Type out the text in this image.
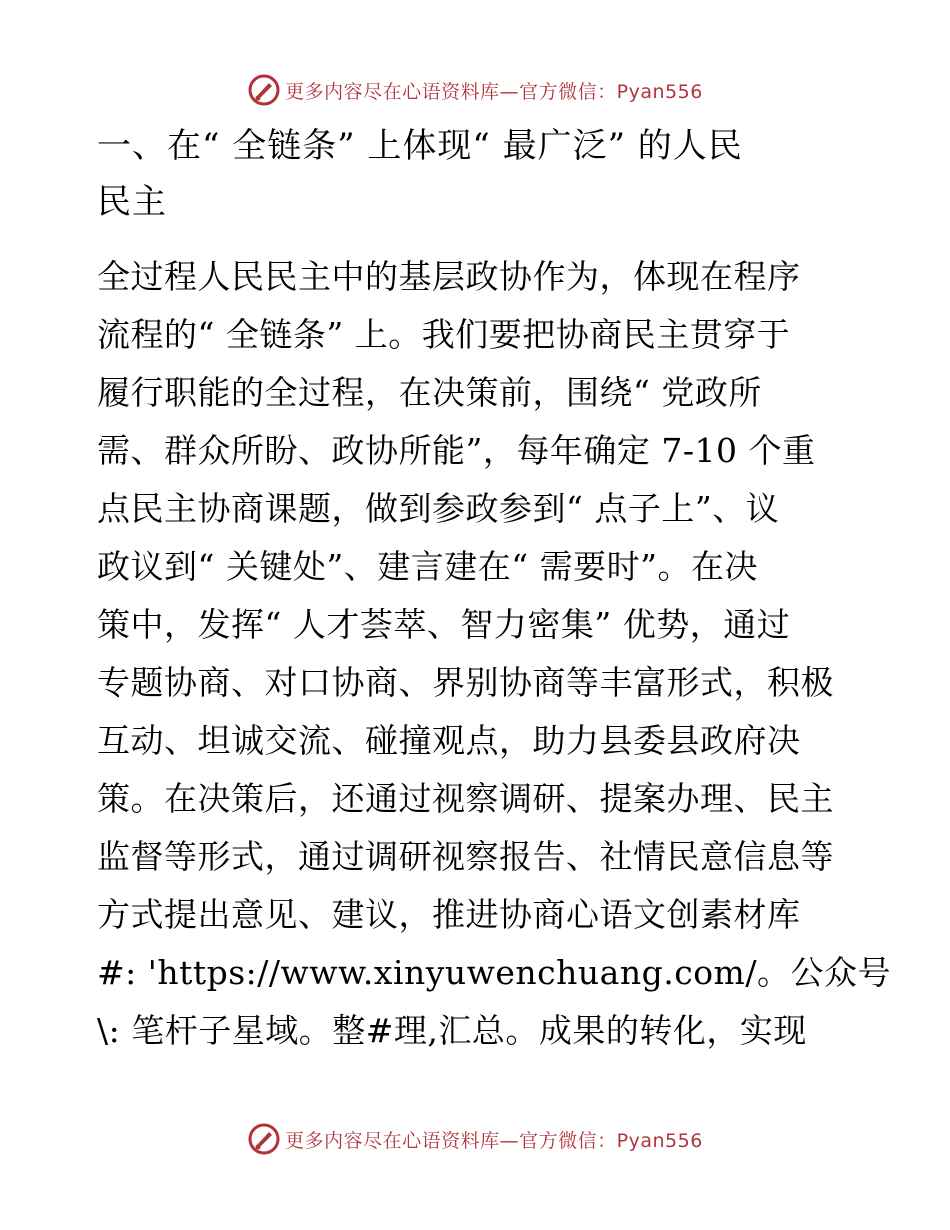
更多内容尽在心语资料库—官方微信：Pyan556
一、在“ 全链条” 上体现“ 最广泛” 的人民
民主
全过程人民民主中的基层政协作为，体现在程序
流程的“ 全链条” 上。我们要把协商民主贯穿于
履行职能的全过程，在决策前，围绕“ 党政所
需、群众所盼、政协所能”，每年确定 7-10 个重
点民主协商课题，做到参政参到“ 点子上”、议
政议到“ 关键处”、建言建在“ 需要时”。在决
策中，发挥“ 人才荟萃、智力密集” 优势，通过
专题协商、对口协商、界别协商等丰富形式，积极
互动、坦诚交流、碰撞观点，助力县委县政府决
策。在决策后，还通过视察调研、提案办理、民主
监督等形式，通过调研视察报告、社情民意信息等
方式提出意见、建议，推进协商心语文创素材库
#: 'https://www.xinyuwenchuang.com/。公众号
\: 笔杆子星域。整#理,汇总。成果的转化，实现
更多内容尽在心语资料库—官方微信：Pyan556
